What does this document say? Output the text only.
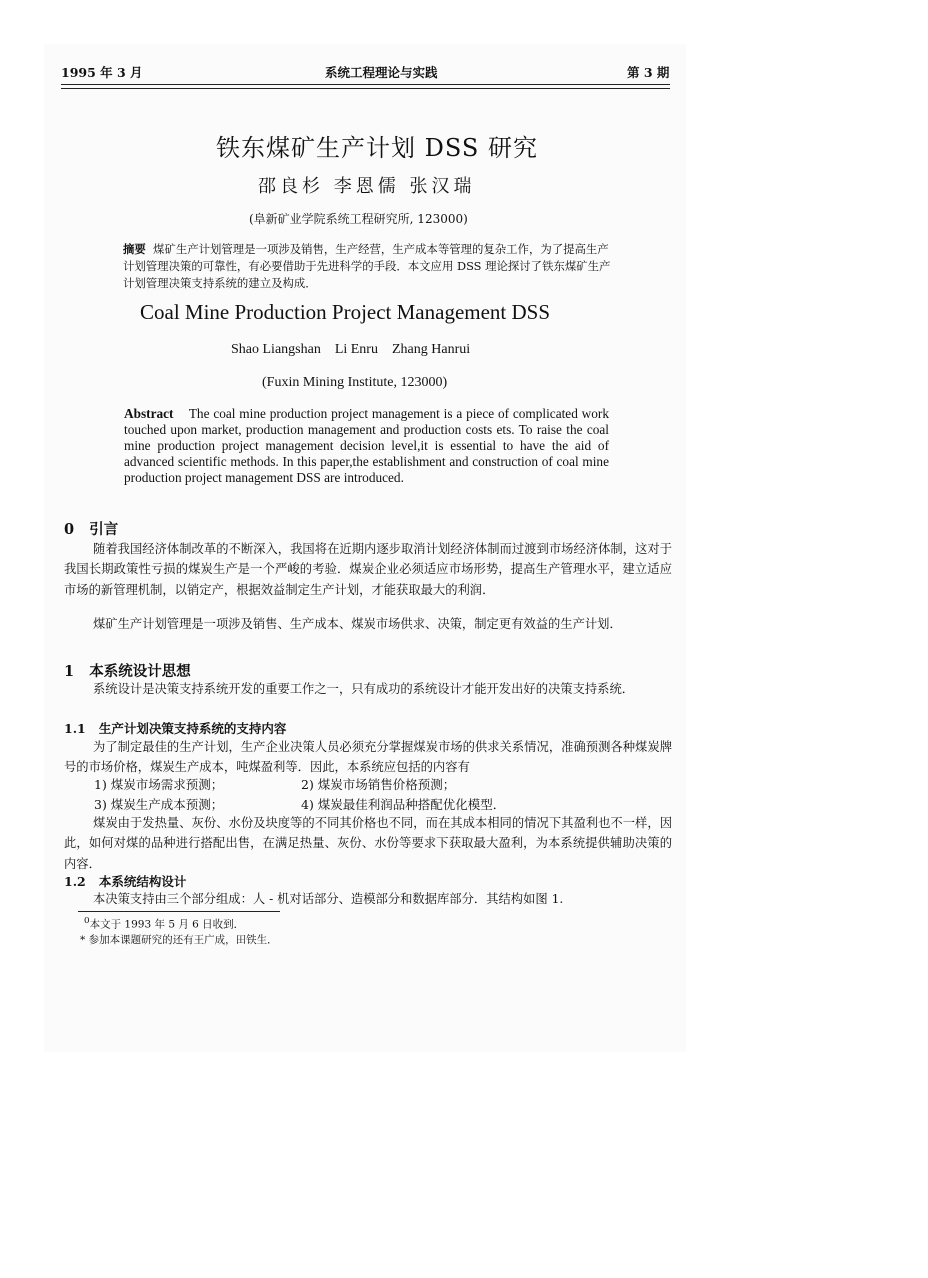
1995 年 3 月	系统工程理论与实践	第 3 期
铁东煤矿生产计划 DSS 研究
邵良杉 李恩儒 张汉瑞
(阜新矿业学院系统工程研究所, 123000)
摘要 煤矿生产计划管理是一项涉及销售，生产经营，生产成本等管理的复杂工作，为了提高生产计划管理决策的可靠性，有必要借助于先进科学的手段．本文应用 DSS 理论探讨了铁东煤矿生产计划管理决策支持系统的建立及构成．
Coal Mine Production Project Management DSS
Shao Liangshan    Li Enru    Zhang Hanrui
(Fuxin Mining Institute, 123000)
Abstract The coal mine production project management is a piece of complicated work touched upon market, production management and production costs ets. To raise the coal mine production project management decision level,it is essential to have the aid of advanced scientific methods. In this paper,the establishment and construction of coal mine production project management DSS are introduced.
0 引言
随着我国经济体制改革的不断深入，我国将在近期内逐步取消计划经济体制而过渡到市场经济体制，这对于我国长期政策性亏损的煤炭生产是一个严峻的考验．煤炭企业必须适应市场形势，提高生产管理水平，建立适应市场的新管理机制，以销定产，根据效益制定生产计划，才能获取最大的利润．
煤矿生产计划管理是一项涉及销售、生产成本、煤炭市场供求、决策，制定更有效益的生产计划．
1 本系统设计思想
系统设计是决策支持系统开发的重要工作之一，只有成功的系统设计才能开发出好的决策支持系统．
1.1 生产计划决策支持系统的支持内容
为了制定最佳的生产计划，生产企业决策人员必须充分掌握煤炭市场的供求关系情况，准确预测各种煤炭牌号的市场价格，煤炭生产成本，吨煤盈利等．因此，本系统应包括的内容有
1) 煤炭市场需求预测；	2) 煤炭市场销售价格预测；
3) 煤炭生产成本预测；	4) 煤炭最佳利润品种搭配优化模型．
煤炭由于发热量、灰份、水份及块度等的不同其价格也不同，而在其成本相同的情况下其盈利也不一样，因此，如何对煤的品种进行搭配出售，在满足热量、灰份、水份等要求下获取最大盈利，为本系统提供辅助决策的内容．
1.2 本系统结构设计
本决策支持由三个部分组成：人 - 机对话部分、造模部分和数据库部分．其结构如图 1.
$^0$本文于 1993 年 5 月 6 日收到．
* 参加本课题研究的还有王广成，田铁生．
